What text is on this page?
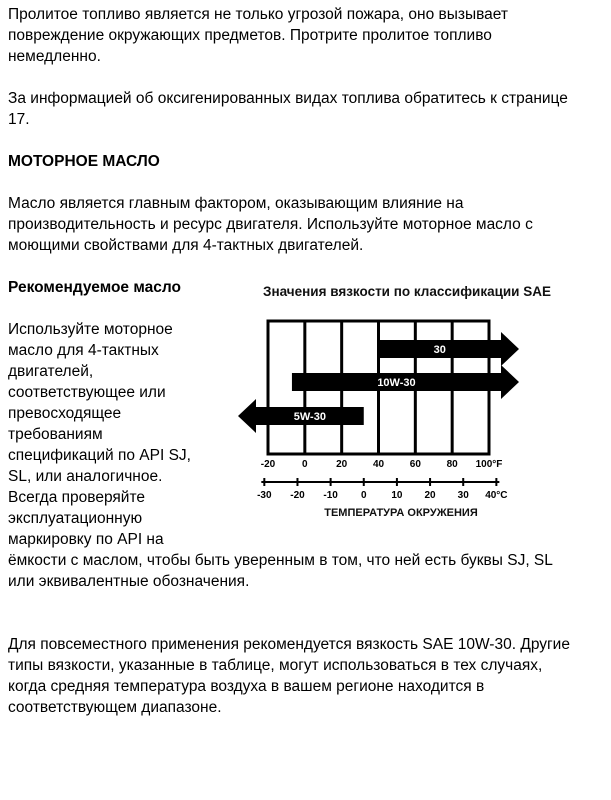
Пролитое топливо является не только угрозой пожара, оно вызывает повреждение окружающих предметов. Протрите пролитое топливо немедленно.

За информацией об оксигенированных видах топлива обратитесь к странице 17.

МОТОРНОЕ МАСЛО

Масло является главным фактором, оказывающим влияние на производительность и ресурс двигателя. Используйте моторное масло с моющими свойствами для 4-тактных двигателей.

Значения вязкости по классификации SAE
-20	0	20	40	60	80 100°F
-30 -20 -10 0 10 20 30 40°C
30
10W-30
5W-30
ТЕМПЕРАТУРА ОКРУЖЕНИЯ
Рекомендуемое масло

Используйте моторное масло для 4-тактных двигателей, соответствующее или превосходящее требованиям спецификаций по API SJ, SL, или аналогичное. Всегда проверяйте эксплуатационную маркировку по API на ёмкости с маслом, чтобы быть уверенным в том, что ней есть буквы SJ, SL или эквивалентные обозначения.

Для повсеместного применения рекомендуется вязкость SAE 10W-30. Другие типы вязкости, указанные в таблице, могут использоваться в тех случаях, когда средняя температура воздуха в вашем регионе находится в соответствующем диапазоне.
